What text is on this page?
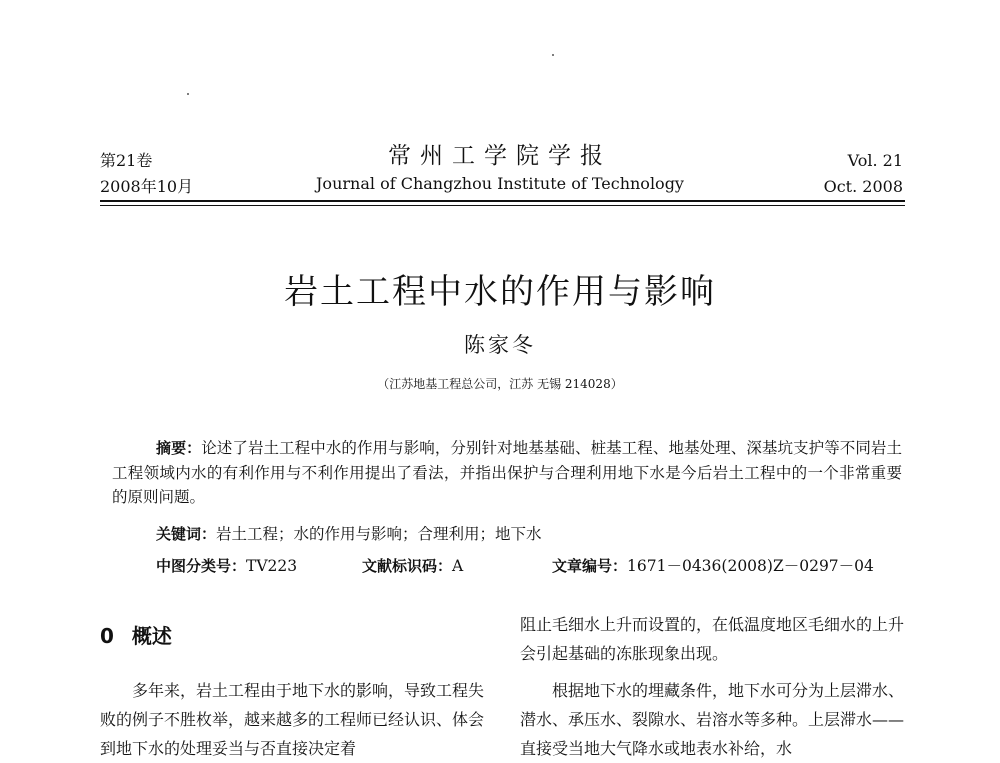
第21卷
2008年10月
常州工学院学报
Journal of Changzhou Institute of Technology
Vol. 21
Oct. 2008
岩土工程中水的作用与影响
陈家冬
（江苏地基工程总公司，江苏 无锡 214028）
摘要：论述了岩土工程中水的作用与影响，分别针对地基基础、桩基工程、地基处理、深基坑支护等不同岩土工程领域内水的有利作用与不利作用提出了看法，并指出保护与合理利用地下水是今后岩土工程中的一个非常重要的原则问题。
关键词：岩土工程；水的作用与影响；合理利用；地下水
中图分类号：TV223	文献标识码：A	文章编号：1671－0436(2008)Z－0297－04
0 概述
多年来，岩土工程由于地下水的影响，导致工程失败的例子不胜枚举，越来越多的工程师已经认识、体会到地下水的处理妥当与否直接决定着
阻止毛细水上升而设置的，在低温度地区毛细水的上升会引起基础的冻胀现象出现。
根据地下水的埋藏条件，地下水可分为上层滞水、潜水、承压水、裂隙水、岩溶水等多种。上层滞水——直接受当地大气降水或地表水补给，水
